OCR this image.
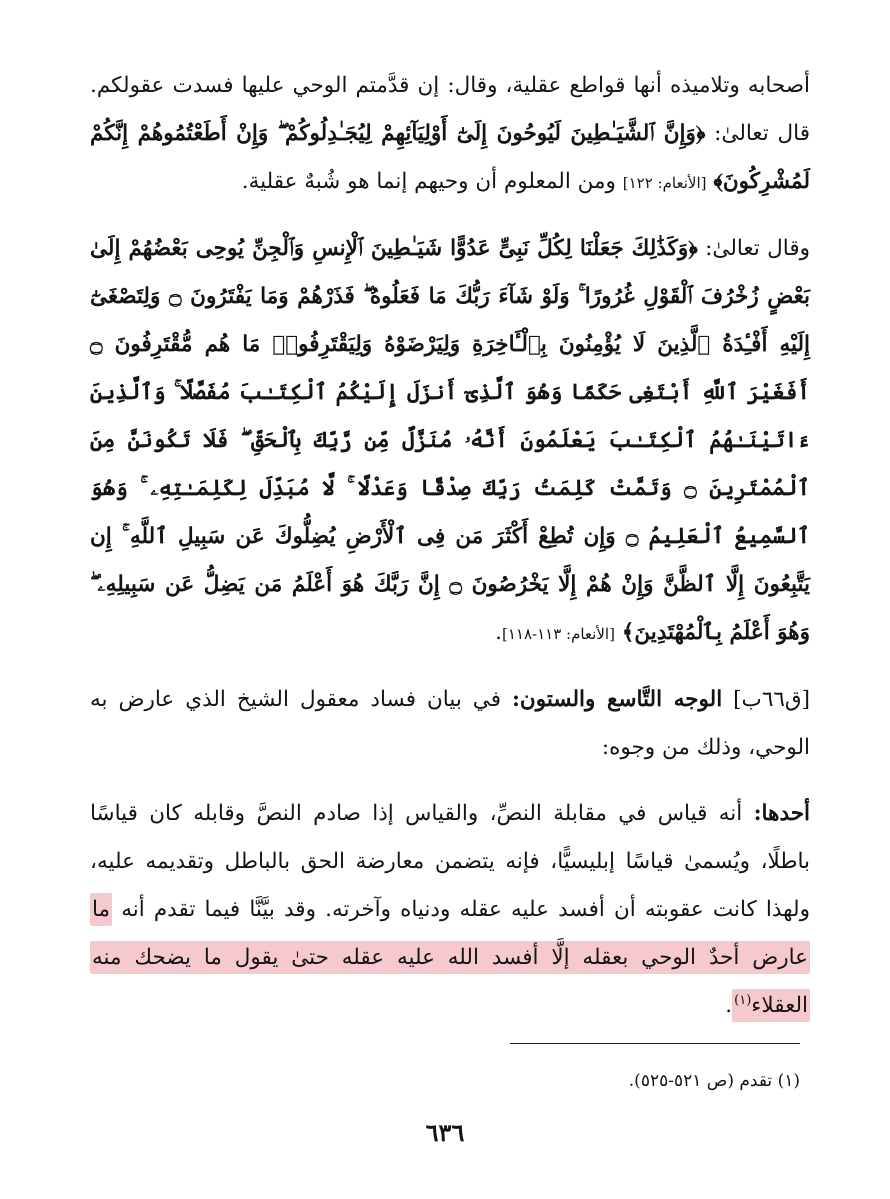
أصحابه وتلاميذه أنها قواطع عقلية، وقال: إن قدَّمتم الوحي عليها فسدت عقولكم. قال تعالىٰ: ﴿وَإِنَّ ٱلشَّيَـٰطِينَ لَيُوحُونَ إِلَىٰٓ أَوْلِيَآئِهِمْ لِيُجَـٰدِلُوكُمْ ۖ وَإِنْ أَطَعْتُمُوهُمْ إِنَّكُمْ لَمُشْرِكُونَ﴾ [الأنعام: ١٢٢] ومن المعلوم أن وحيهم إنما هو شُبهٌ عقلية.

وقال تعالىٰ: ﴿وَكَذَٰلِكَ جَعَلْنَا لِكُلِّ نَبِىٍّ عَدُوًّا شَيَـٰطِينَ ٱلْإِنسِ وَٱلْجِنِّ يُوحِى بَعْضُهُمْ إِلَىٰ بَعْضٍ زُخْرُفَ ٱلْقَوْلِ غُرُورًا ۚ وَلَوْ شَآءَ رَبُّكَ مَا فَعَلُوهُ ۖ فَذَرْهُمْ وَمَا يَفْتَرُونَ ۝ وَلِتَصْغَىٰٓ إِلَيْهِ أَفْـِٔدَةُ ٱلَّذِينَ لَا يُؤْمِنُونَ بِٱلْـَٔاخِرَةِ وَلِيَرْضَوْهُ وَلِيَقْتَرِفُوا۟ مَا هُم مُّقْتَرِفُونَ ۝ أَفَغَيْرَ ٱللَّهِ أَبْتَغِى حَكَمًا وَهُوَ ٱلَّذِىٓ أَنزَلَ إِلَيْكُمُ ٱلْكِتَـٰبَ مُفَصَّلًا ۚ وَٱلَّذِينَ ءَاتَيْنَـٰهُمُ ٱلْكِتَـٰبَ يَعْلَمُونَ أَنَّهُۥ مُنَزَّلٌ مِّن رَّبِّكَ بِٱلْحَقِّ ۖ فَلَا تَكُونَنَّ مِنَ ٱلْمُمْتَرِينَ ۝ وَتَمَّتْ كَلِمَتُ رَبِّكَ صِدْقًا وَعَدْلًا ۚ لَّا مُبَدِّلَ لِكَلِمَـٰتِهِۦ ۚ وَهُوَ ٱلسَّمِيعُ ٱلْعَلِيمُ ۝ وَإِن تُطِعْ أَكْثَرَ مَن فِى ٱلْأَرْضِ يُضِلُّوكَ عَن سَبِيلِ ٱللَّهِ ۚ إِن يَتَّبِعُونَ إِلَّا ٱلظَّنَّ وَإِنْ هُمْ إِلَّا يَخْرُصُونَ ۝ إِنَّ رَبَّكَ هُوَ أَعْلَمُ مَن يَضِلُّ عَن سَبِيلِهِۦ ۖ وَهُوَ أَعْلَمُ بِٱلْمُهْتَدِينَ﴾ [الأنعام: ١١٣-١١٨].

[ق٦٦ب] الوجه التَّاسع والستون: في بيان فساد معقول الشيخ الذي عارض به الوحي، وذلك من وجوه:

أحدها: أنه قياس في مقابلة النصِّ، والقياس إذا صادم النصَّ وقابله كان قياسًا باطلًا، ويُسمىٰ قياسًا إبليسيًّا، فإنه يتضمن معارضة الحق بالباطل وتقديمه عليه، ولهذا كانت عقوبته أن أفسد عليه عقله ودنياه وآخرته. وقد بيَّنَّا فيما تقدم أنه ما عارض أحدٌ الوحي بعقله إلَّا أفسد الله عليه عقله حتىٰ يقول ما يضحك منه العقلاء$^{(١)}$.

(١) تقدم (ص ٥٢١-٥٢٥).
٦٣٦
